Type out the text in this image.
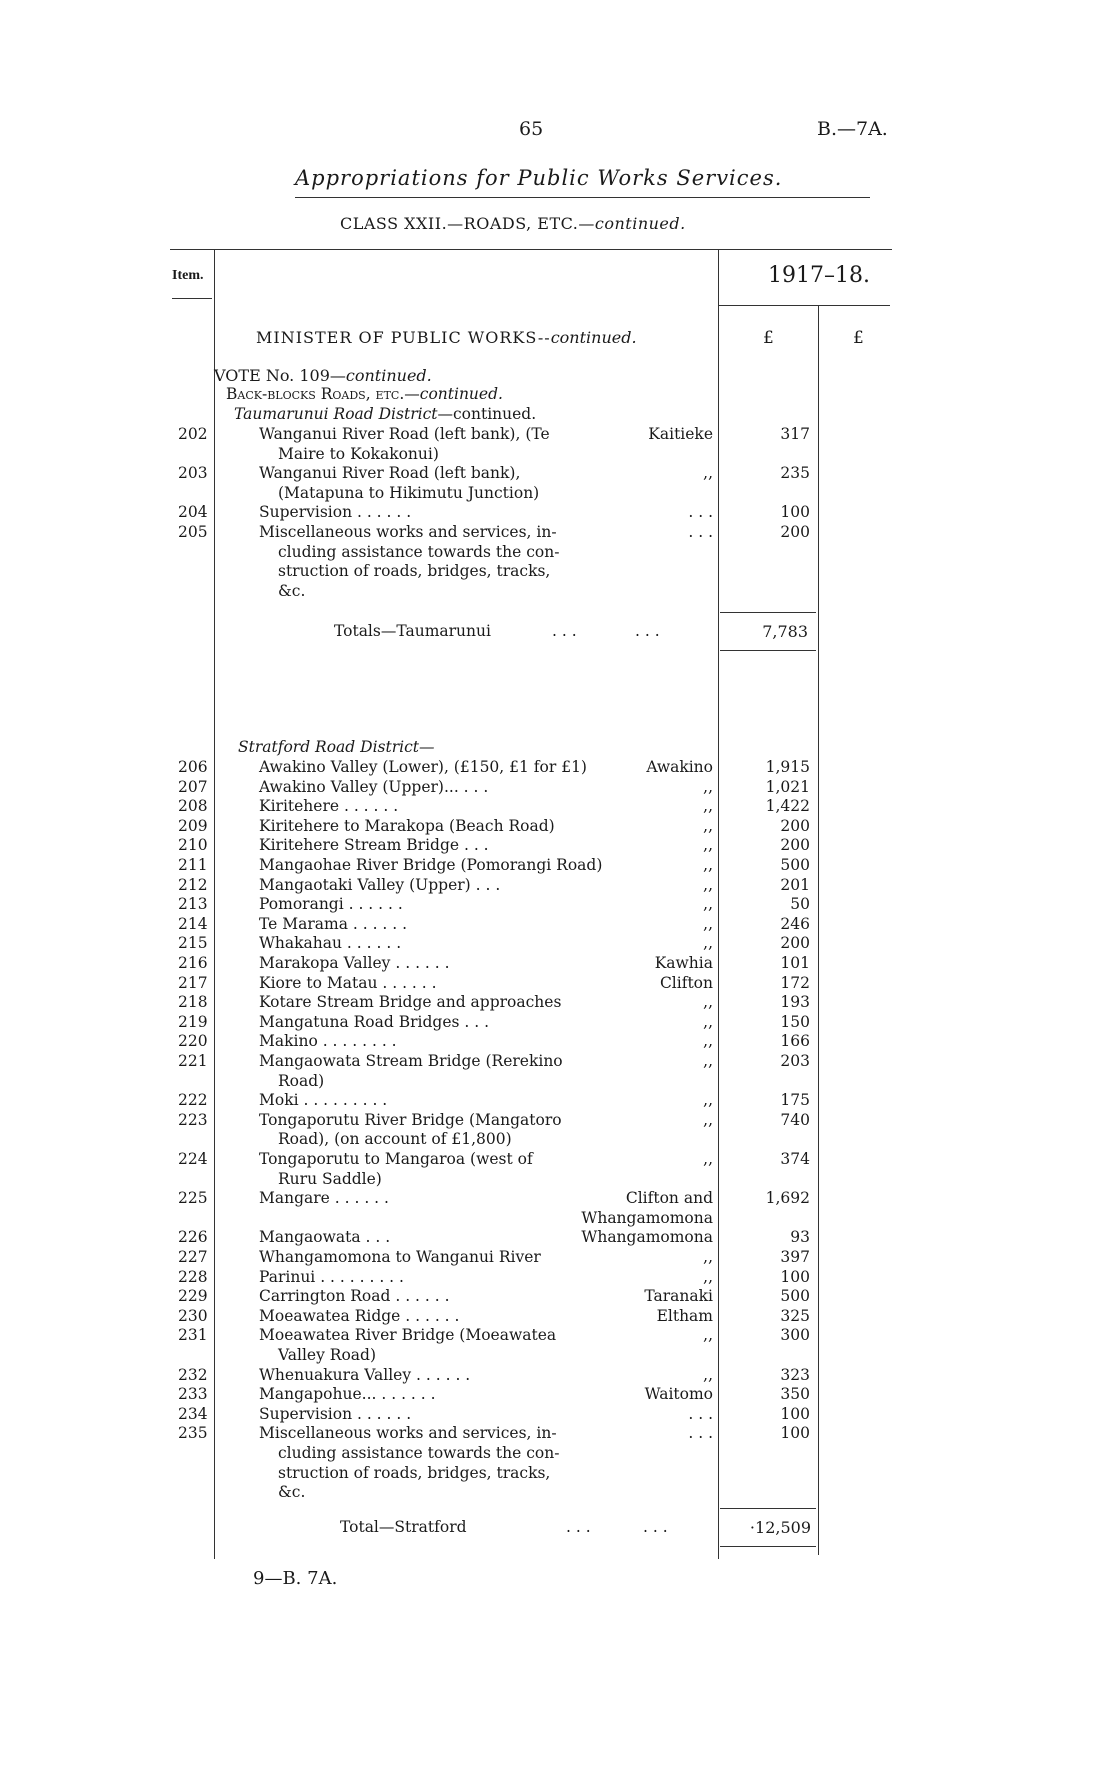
65	B.—7A.
Appropriations for Public Works Services.
CLASS XXII.—ROADS, ETC.—continued.
Item.	1917–18.
£	£
MINISTER OF PUBLIC WORKS--continued.
VOTE No. 109—continued.
Back-blocks Roads, etc.—continued.
Taumarunui Road District—continued.
202	Wanganui River Road (left bank), (Te
Maire to Kokakonui)
Kaitieke	317
203	Wanganui River Road (left bank),
(Matapuna to Hikimutu Junction)
,,	235
204	Supervision . . . . . .	. . .	100
205	Miscellaneous works and services, in-
cluding assistance towards the con-
struction of roads, bridges, tracks,
&c.
. . .	200
Totals—Taumarunui	. . .	. . .	7,783
Stratford Road District—
206	Awakino Valley (Lower), (£150, £1 for £1)	Awakino	1,915
207	Awakino Valley (Upper)... . . .	,,	1,021
208	Kiritehere . . . . . .	,,	1,422
209	Kiritehere to Marakopa (Beach Road)	,,	200
210	Kiritehere Stream Bridge . . .	,,	200
211	Mangaohae River Bridge (Pomorangi Road)	,,	500
212	Mangaotaki Valley (Upper) . . .	,,	201
213	Pomorangi . . . . . .	,,	50
214	Te Marama . . . . . .	,,	246
215	Whakahau . . . . . .	,,	200
216	Marakopa Valley . . . . . .	Kawhia	101
217	Kiore to Matau . . . . . .	Clifton	172
218	Kotare Stream Bridge and approaches	,,	193
219	Mangatuna Road Bridges . . .	,,	150
220	Makino . . . . . . . .	,,	166
221	Mangaowata Stream Bridge (Rerekino
Road)
,,	203
222	Moki . . . . . . . . .	,,	175
223	Tongaporutu River Bridge (Mangatoro
Road), (on account of £1,800)
,,	740
224	Tongaporutu to Mangaroa (west of
Ruru Saddle)
,,	374
225	Mangare . . . . . .	Clifton and
Whangamomona
1,692
226	Mangaowata . . .	Whangamomona	93
227	Whangamomona to Wanganui River	,,	397
228	Parinui . . . . . . . . .	,,	100
229	Carrington Road . . . . . .	Taranaki	500
230	Moeawatea Ridge . . . . . .	Eltham	325
231	Moeawatea River Bridge (Moeawatea
Valley Road)
,,	300
232	Whenuakura Valley . . . . . .	,,	323
233	Mangapohue... . . . . . .	Waitomo	350
234	Supervision . . . . . .	. . .	100
235	Miscellaneous works and services, in-
cluding assistance towards the con-
struction of roads, bridges, tracks,
&c.
. . .	100
Total—Stratford	. . .	. . .	·12,509
9—B. 7A.
